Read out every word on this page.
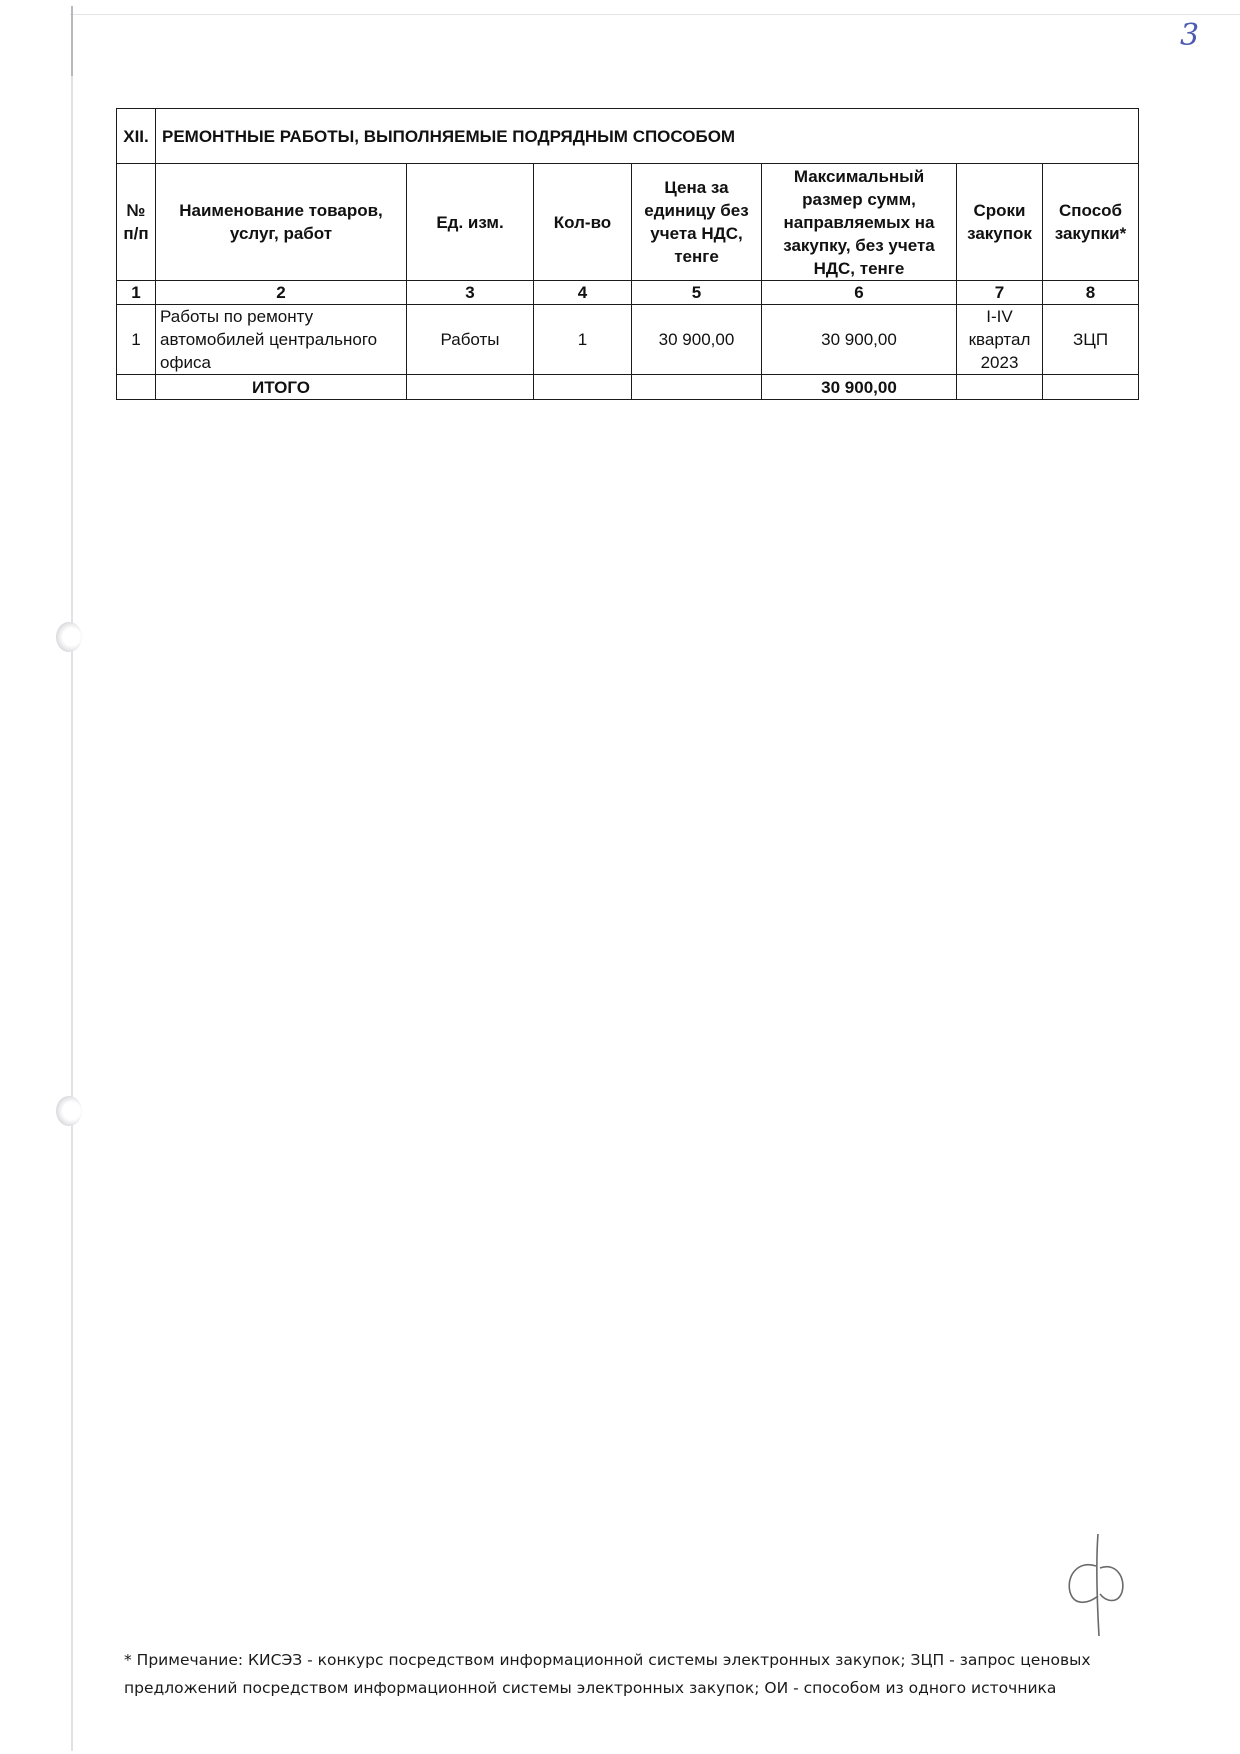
3
XII.	РЕМОНТНЫЕ РАБОТЫ, ВЫПОЛНЯЕМЫЕ ПОДРЯДНЫМ СПОСОБОМ						
№ п/п	Наименование товаров, услуг, работ	Ед. изм.	Кол-во	Цена за единицу без учета НДС, тенге	Максимальный размер сумм, направляемых на закупку, без учета НДС, тенге	Сроки закупок	Способ закупки*
1	2	3	4	5	6	7	8
1	Работы по ремонту автомобилей центрального офиса	Работы	1	30 900,00	30 900,00	I-IV квартал 2023	ЗЦП
	ИТОГО				30 900,00		
* Примечание: КИСЭЗ - конкурс посредством информационной системы электронных закупок; ЗЦП - запрос ценовых предложений посредством информационной системы электронных закупок; ОИ - способом из одного источника
